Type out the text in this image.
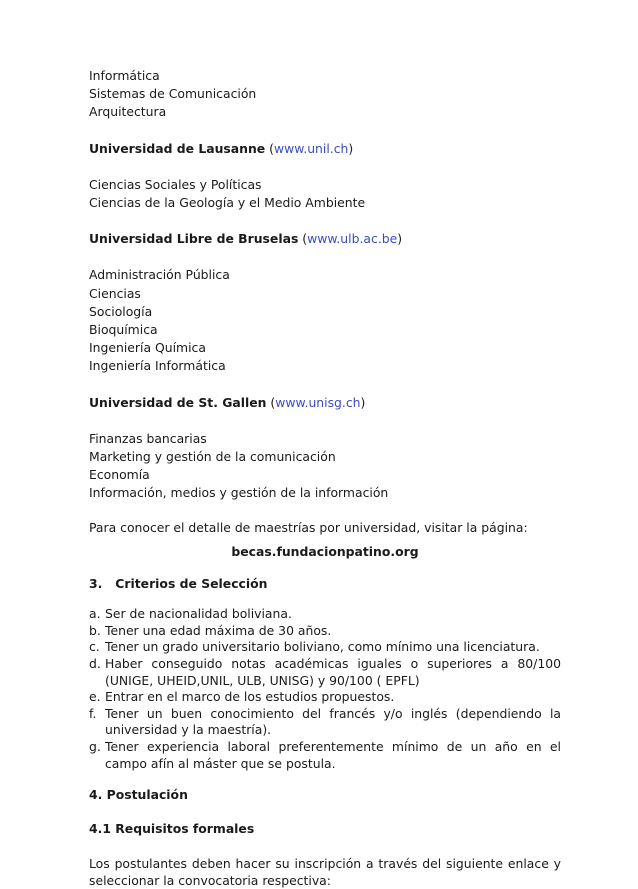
Informática

Sistemas de Comunicación

Arquitectura

Universidad de Lausanne (www.unil.ch)

Ciencias Sociales y Políticas

Ciencias de la Geología y el Medio Ambiente

Universidad Libre de Bruselas (www.ulb.ac.be)

Administración Pública

Ciencias

Sociología

Bioquímica

Ingeniería Química

Ingeniería Informática

Universidad de St. Gallen (www.unisg.ch)

Finanzas bancarias

Marketing y gestión de la comunicación

Economía

Información, medios y gestión de la información

Para conocer el detalle de maestrías por universidad, visitar la página:

becas.fundacionpatino.org

3. Criterios de Selección

a. Ser de nacionalidad boliviana.
b. Tener una edad máxima de 30 años.
c. Tener un grado universitario boliviano, como mínimo una licenciatura.
d. Haber conseguido notas académicas iguales o superiores a 80/100 (UNIGE, UHEID,UNIL, ULB, UNISG) y 90/100 ( EPFL)
e. Entrar en el marco de los estudios propuestos.
f. Tener un buen conocimiento del francés y/o inglés (dependiendo la universidad y la maestría).
g. Tener experiencia laboral preferentemente mínimo de un año en el campo afín al máster que se postula.

4. Postulación

4.1 Requisitos formales

Los postulantes deben hacer su inscripción a través del siguiente enlace y seleccionar la convocatoria respectiva:
